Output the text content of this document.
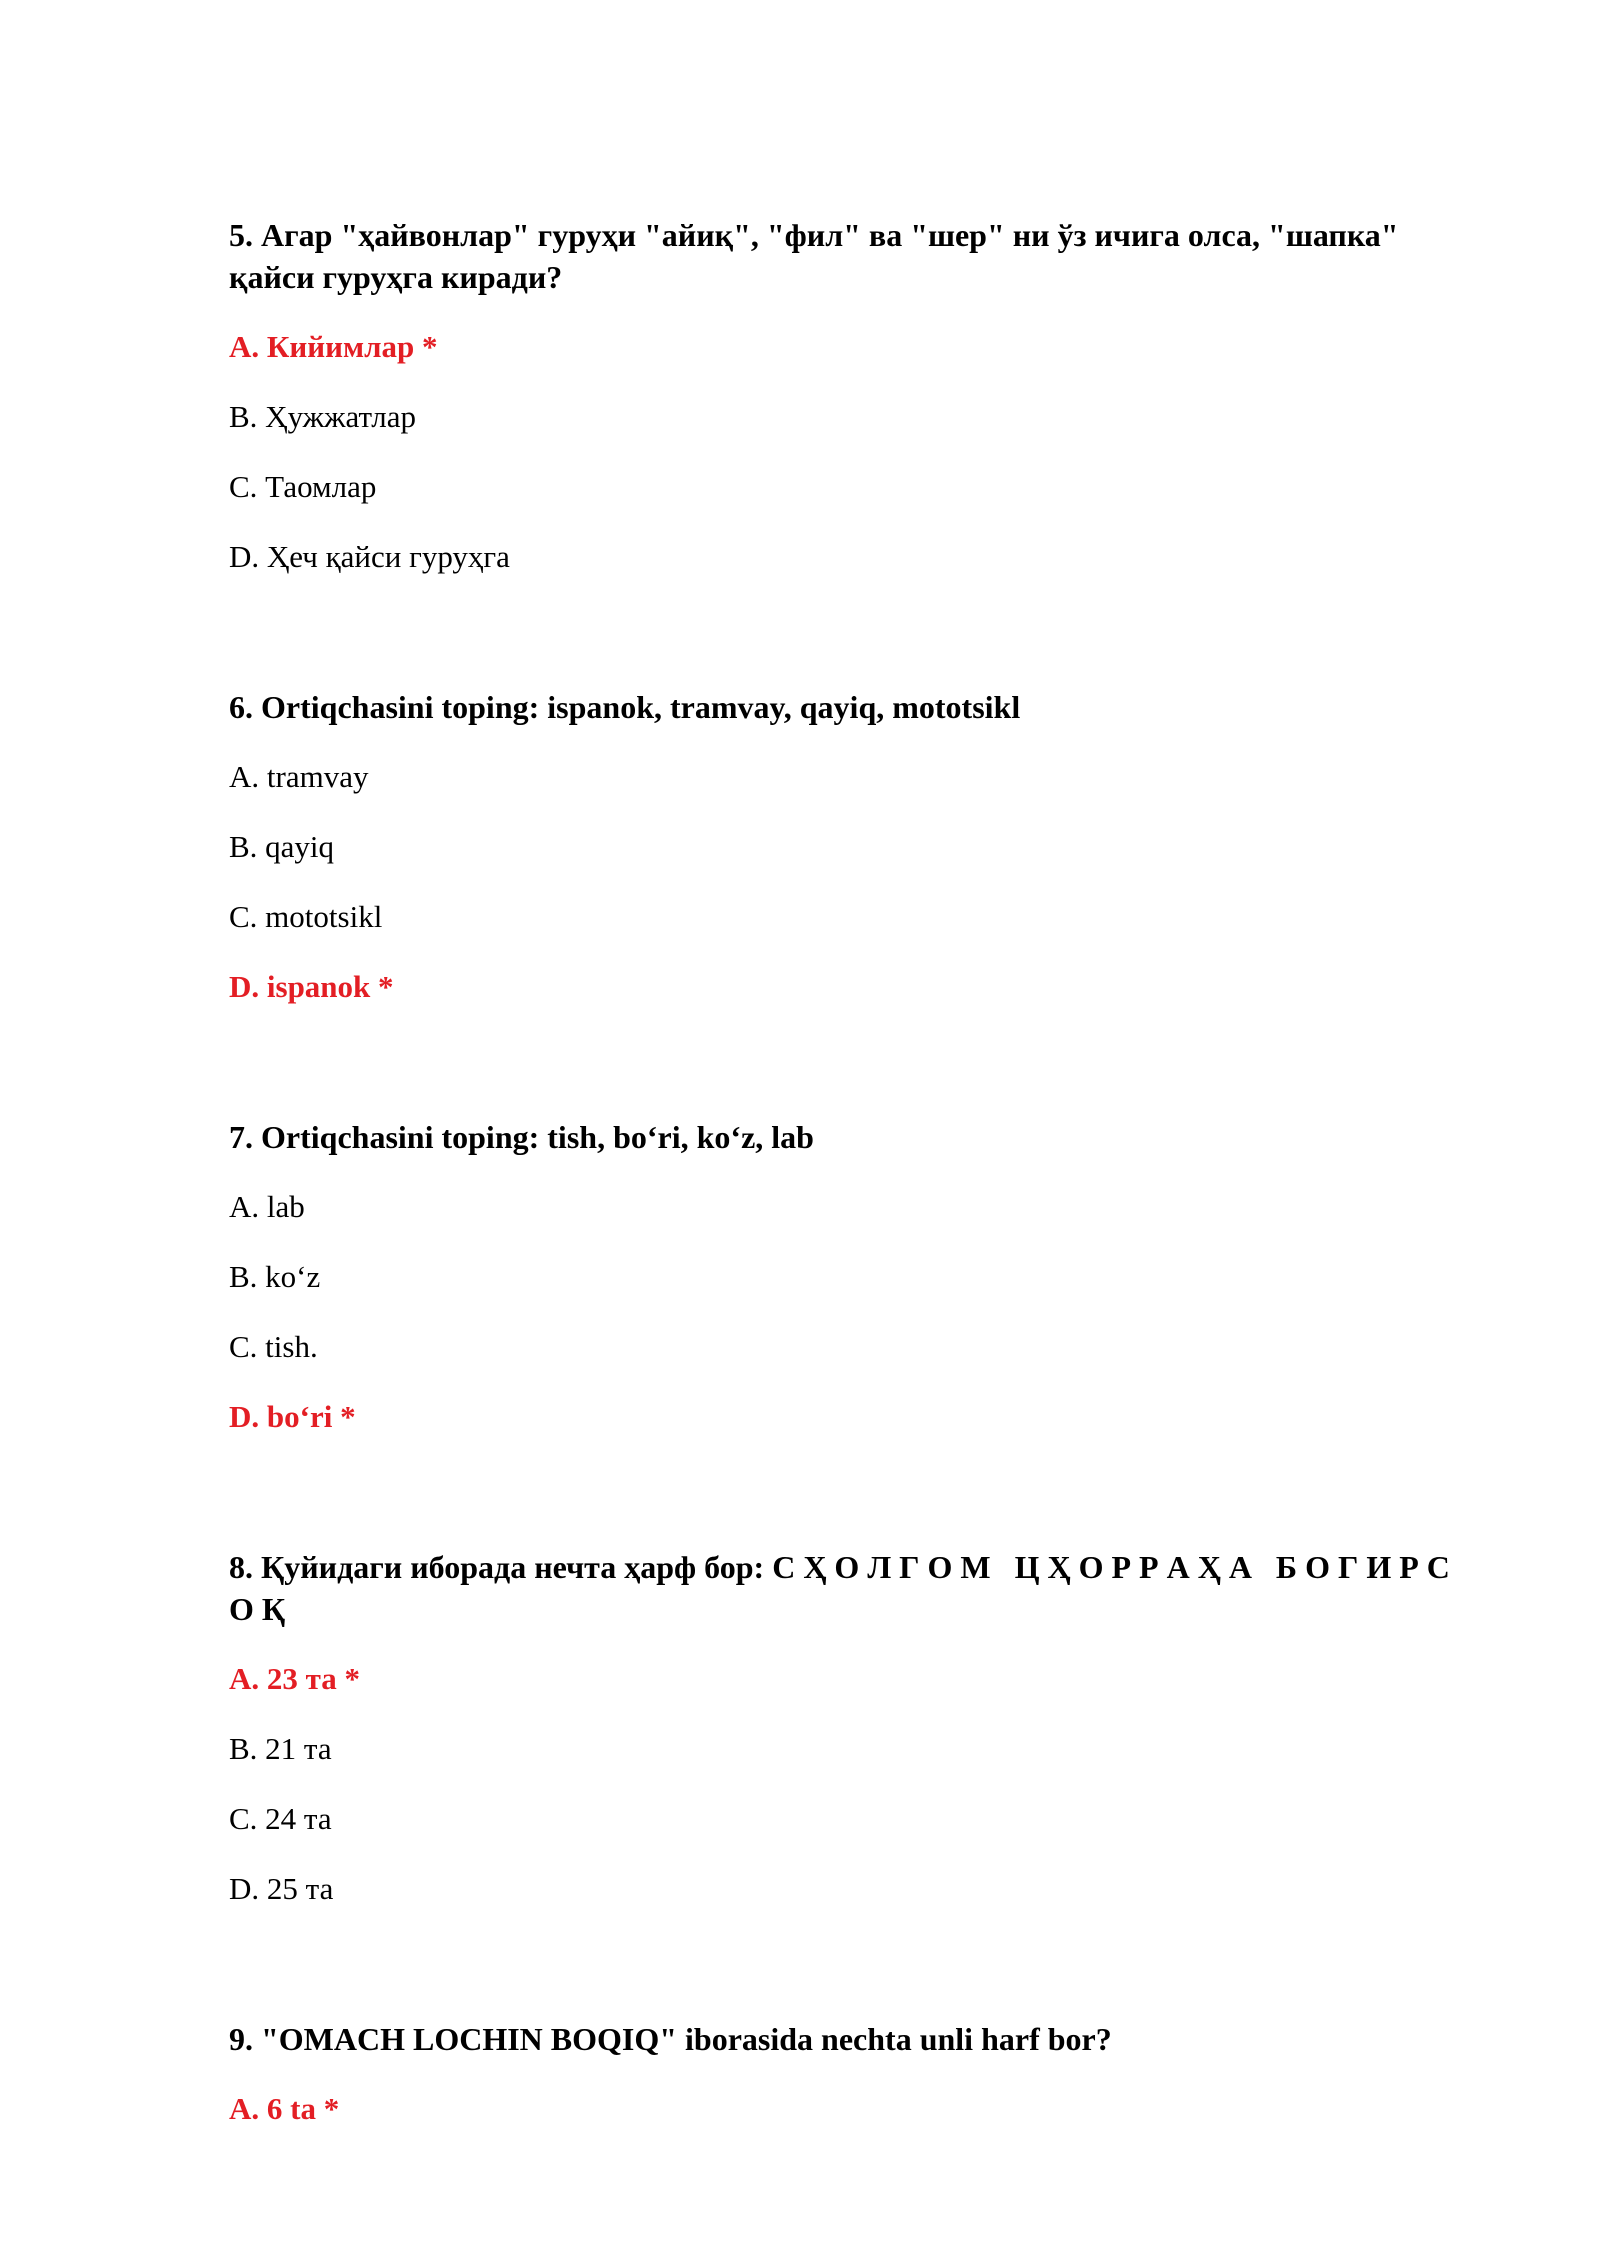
5. Агар "ҳайвонлар" гуруҳи "айиқ", "фил" ва "шер" ни ўз ичига олса, "шапка" қайси гуруҳга киради?

A. Кийимлар *

B. Ҳужжатлар

C. Таомлар

D. Ҳеч қайси гуруҳга

6. Ortiqchasini toping: ispanok, tramvay, qayiq, mototsikl

A. tramvay

B. qayiq

C. mototsikl

D. ispanok *

7. Ortiqchasini toping: tish, bo‘ri, ko‘z, lab

A. lab

B. ko‘z

C. tish.

D. bo‘ri *

8. Қуйидаги иборада нечта ҳарф бор: С Ҳ О Л Г О М   Ц Ҳ О Р Р А Ҳ А   Б О Г И Р С О Қ

A. 23 та *

B. 21 та

C. 24 та

D. 25 та

9. "OMACH LOCHIN BOQIQ" iborasida nechta unli harf bor?

A. 6 ta *
